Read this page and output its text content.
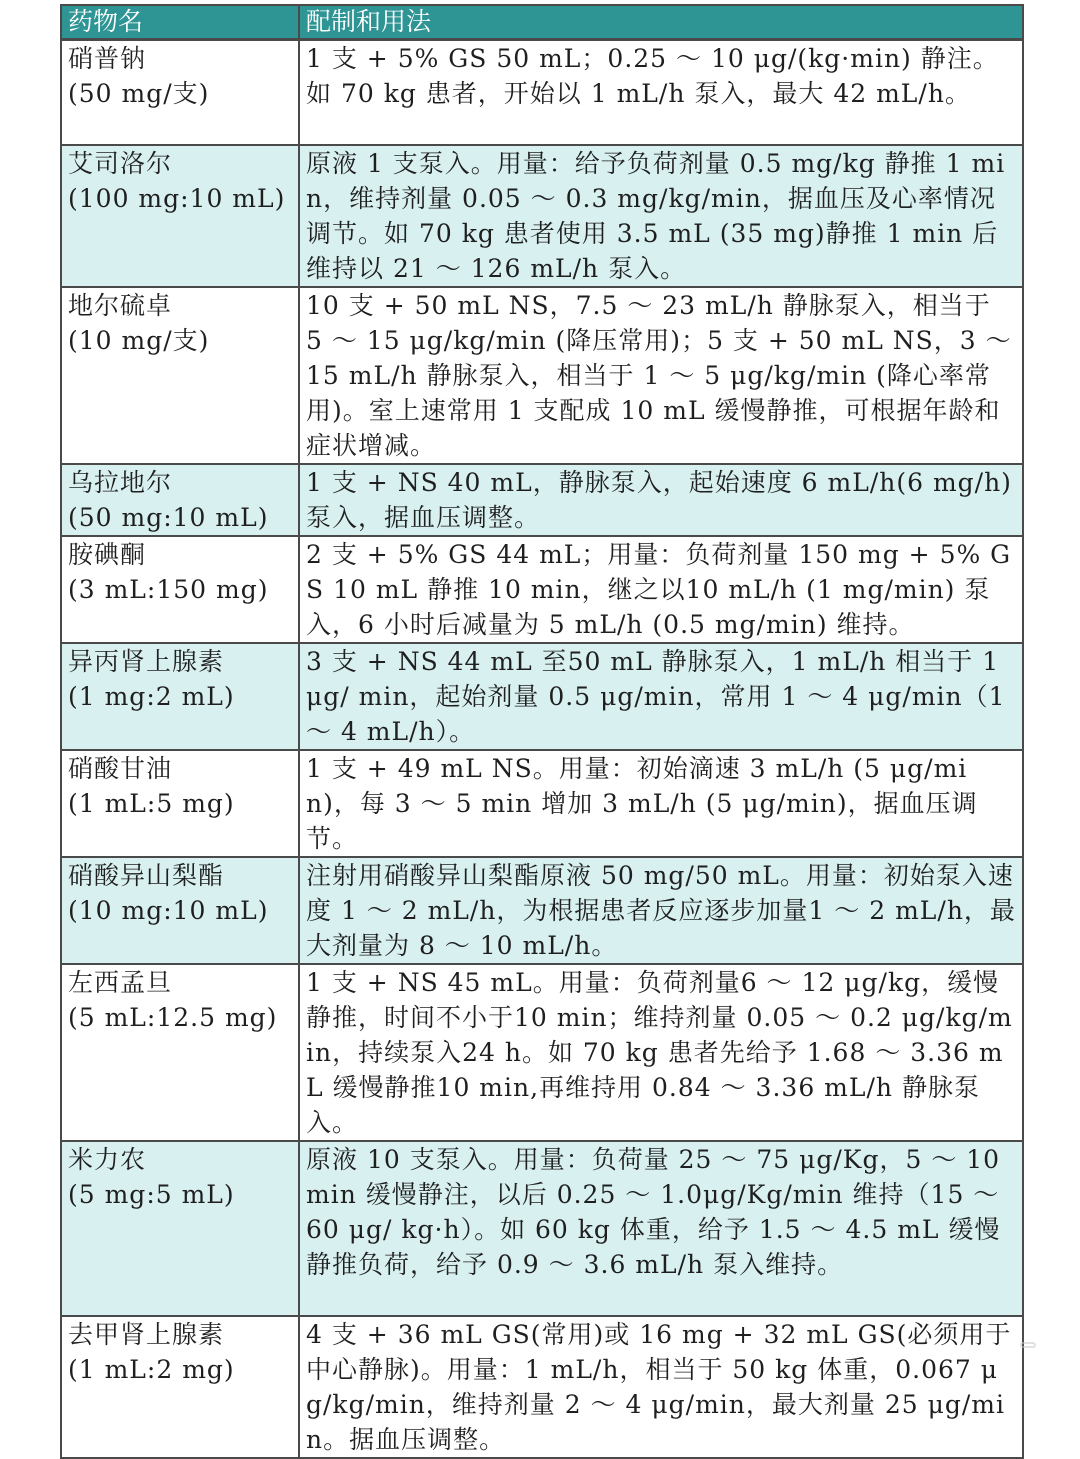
药物名	配制和用法

硝普钠
(50 mg/支)	1 支 + 5% GS 50 mL；0.25 ～ 10 μg/(kg·min) 静注。如 70 kg 患者，开始以 1 mL/h 泵入，最大 42 mL/h。

艾司洛尔
(100 mg:10 mL)	原液 1 支泵入。用量：给予负荷剂量 0.5 mg/kg 静推 1 min，维持剂量 0.05 ～ 0.3 mg/kg/min，据血压及心率情况调节。如 70 kg 患者使用 3.5 mL (35 mg)静推 1 min 后维持以 21 ～ 126 mL/h 泵入。

地尔硫卓
(10 mg/支)	10 支 + 50 mL NS，7.5 ～ 23 mL/h 静脉泵入，相当于 5 ～ 15 μg/kg/min (降压常用)；5 支 + 50 mL NS，3 ～ 15 mL/h 静脉泵入，相当于 1 ～ 5 μg/kg/min (降心率常用)。室上速常用 1 支配成 10 mL 缓慢静推，可根据年龄和症状增减。

乌拉地尔
(50 mg:10 mL)	1 支 + NS 40 mL，静脉泵入，起始速度 6 mL/h(6 mg/h) 泵入，据血压调整。

胺碘酮
(3 mL:150 mg)	2 支 + 5% GS 44 mL；用量：负荷剂量 150 mg + 5% GS 10 mL 静推 10 min，继之以10 mL/h (1 mg/min) 泵入，6 小时后减量为 5 mL/h (0.5 mg/min) 维持。

异丙肾上腺素
(1 mg:2 mL)	3 支 + NS 44 mL 至50 mL 静脉泵入，1 mL/h 相当于 1 μg/ min，起始剂量 0.5 μg/min，常用 1 ～ 4 μg/min（1 ～ 4 mL/h）。

硝酸甘油
(1 mL:5 mg)	1 支 + 49 mL NS。用量：初始滴速 3 mL/h (5 μg/min)，每 3 ～ 5 min 增加 3 mL/h (5 μg/min)，据血压调节。

硝酸异山梨酯
(10 mg:10 mL)	注射用硝酸异山梨酯原液 50 mg/50 mL。用量：初始泵入速度 1 ～ 2 mL/h，为根据患者反应逐步加量1 ～ 2 mL/h，最大剂量为 8 ～ 10 mL/h。

左西孟旦
(5 mL:12.5 mg)	1 支 + NS 45 mL。用量：负荷剂量6 ～ 12 μg/kg，缓慢静推，时间不小于10 min；维持剂量 0.05 ～ 0.2 μg/kg/min，持续泵入24 h。如 70 kg 患者先给予 1.68 ～ 3.36 mL 缓慢静推10 min,再维持用 0.84 ～ 3.36 mL/h 静脉泵入。

米力农
(5 mg:5 mL)	原液 10 支泵入。用量：负荷量 25 ～ 75 μg/Kg，5 ～ 10 min 缓慢静注，以后 0.25 ～ 1.0μg/Kg/min 维持（15 ～ 60 μg/ kg·h）。如 60 kg 体重，给予 1.5 ～ 4.5 mL 缓慢静推负荷，给予 0.9 ～ 3.6 mL/h 泵入维持。

去甲肾上腺素
(1 mL:2 mg)	4 支 + 36 mL GS(常用)或 16 mg + 32 mL GS(必须用于中心静脉)。用量：1 mL/h，相当于 50 kg 体重，0.067 μg/kg/min，维持剂量 2 ～ 4 μg/min，最大剂量 25 μg/min。据血压调整。
